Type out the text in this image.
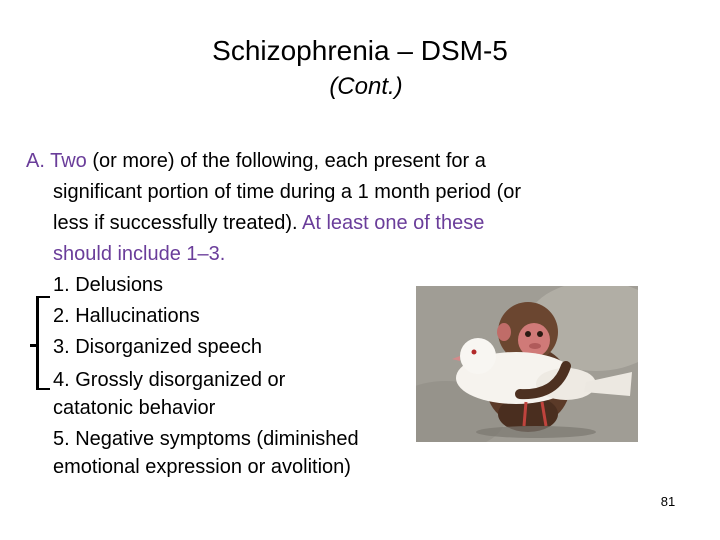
Schizophrenia – DSM-5
(Cont.)

A. Two (or more) of the following, each present for a significant portion of time during a 1 month period (or less if successfully treated). At least one of these should include 1–3.

1. Delusions
2. Hallucinations
3. Disorganized speech
4. Grossly disorganized or catatonic behavior
5. Negative symptoms (diminished emotional expression or avolition)
81
